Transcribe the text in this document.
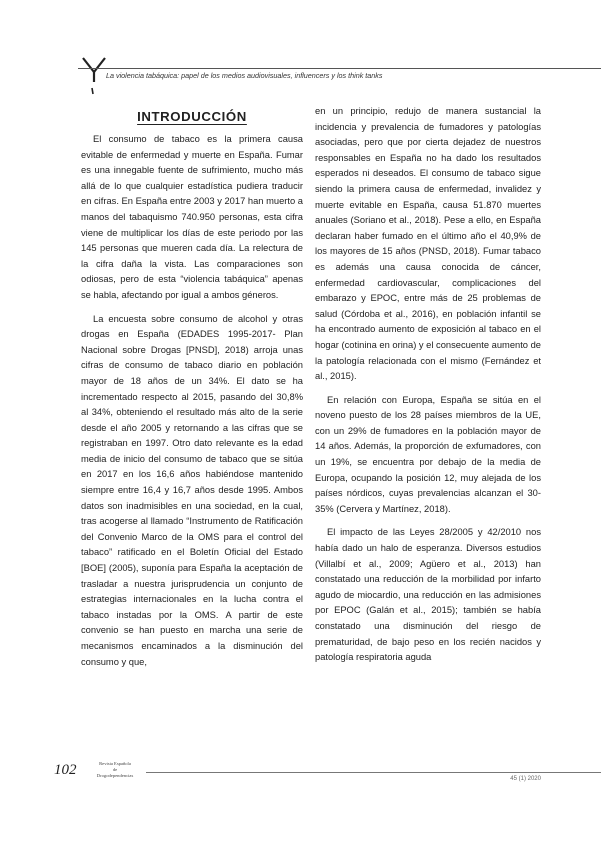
La violencia tabáquica: papel de los medios audiovisuales, influencers y los think tanks
INTRODUCCIÓN

El consumo de tabaco es la primera causa evitable de enfermedad y muerte en España. Fumar es una innegable fuente de sufrimiento, mucho más allá de lo que cualquier estadística pudiera traducir en cifras. En España entre 2003 y 2017 han muerto a manos del tabaquismo 740.950 personas, esta cifra viene de multiplicar los días de este periodo por las 145 personas que mueren cada día. La relectura de la cifra daña la vista. Las comparaciones son odiosas, pero de esta “violencia tabáquica” apenas se habla, afectando por igual a ambos géneros.

La encuesta sobre consumo de alcohol y otras drogas en España (EDADES 1995-2017- Plan Nacional sobre Drogas [PNSD], 2018) arroja unas cifras de consumo de tabaco diario en población mayor de 18 años de un 34%. El dato se ha incrementado respecto al 2015, pasando del 30,8% al 34%, obteniendo el resultado más alto de la serie desde el año 2005 y retornando a las cifras que se registraban en 1997. Otro dato relevante es la edad media de inicio del consumo de tabaco que se sitúa en 2017 en los 16,6 años habiéndose mantenido siempre entre 16,4 y 16,7 años desde 1995. Ambos datos son inadmisibles en una sociedad, en la cual, tras acogerse al llamado “Instrumento de Ratificación del Convenio Marco de la OMS para el control del tabaco” ratificado en el Boletín Oficial del Estado [BOE] (2005), suponía para España la aceptación de trasladar a nuestra jurisprudencia un conjunto de estrategias internacionales en la lucha contra el tabaco instadas por la OMS. A partir de este convenio se han puesto en marcha una serie de mecanismos encaminados a la disminución del consumo y que,

en un principio, redujo de manera sustancial la incidencia y prevalencia de fumadores y patologías asociadas, pero que por cierta dejadez de nuestros responsables en España no ha dado los resultados esperados ni deseados. El consumo de tabaco sigue siendo la primera causa de enfermedad, invalidez y muerte evitable en España, causa 51.870 muertes anuales (Soriano et al., 2018). Pese a ello, en España declaran haber fumado en el último año el 40,9% de los mayores de 15 años (PNSD, 2018). Fumar tabaco es además una causa conocida de cáncer, enfermedad cardiovascular, complicaciones del embarazo y EPOC, entre más de 25 problemas de salud (Córdoba et al., 2016), en población infantil se ha encontrado aumento de exposición al tabaco en el hogar (cotinina en orina) y el consecuente aumento de la patología relacionada con el mismo (Fernández et al., 2015).

En relación con Europa, España se sitúa en el noveno puesto de los 28 países miembros de la UE, con un 29% de fumadores en la población mayor de 14 años. Además, la proporción de exfumadores, con un 19%, se encuentra por debajo de la media de Europa, ocupando la posición 12, muy alejada de los países nórdicos, cuyas prevalencias alcanzan el 30-35% (Cervera y Martínez, 2018).

El impacto de las Leyes 28/2005 y 42/2010 nos había dado un halo de esperanza. Diversos estudios (Villalbí et al., 2009; Agüero et al., 2013) han constatado una reducción de la morbilidad por infarto agudo de miocardio, una reducción en las admisiones por EPOC (Galán et al., 2015); también se había constatado una disminución del riesgo de prematuridad, de bajo peso en los recién nacidos y patología respiratoria aguda

102	Revista Española
de
Drogodependencias
45 (1) 2020
